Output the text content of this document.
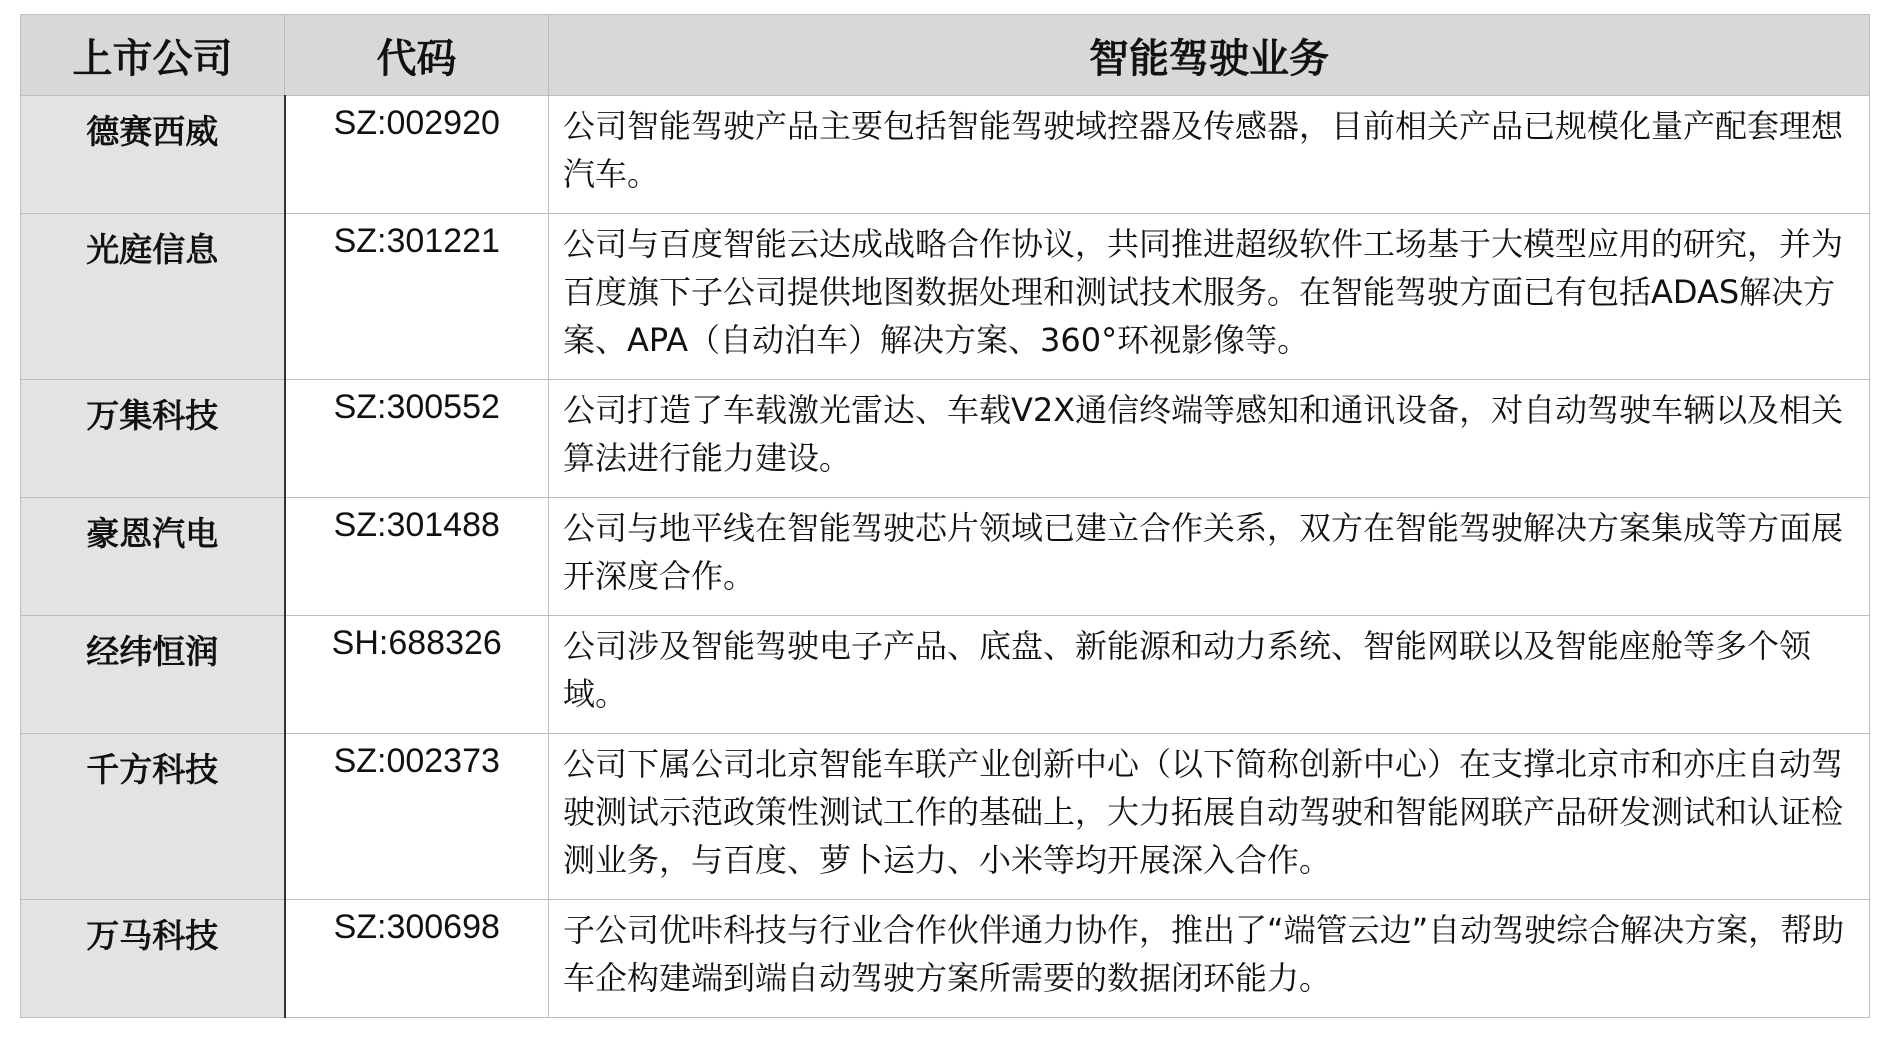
上市公司	代码	智能驾驶业务
德赛西威	SZ:002920	公司智能驾驶产品主要包括智能驾驶域控器及传感器，目前相关产品已规模化量产配套理想汽车。
光庭信息	SZ:301221	公司与百度智能云达成战略合作协议，共同推进超级软件工场基于大模型应用的研究，并为百度旗下子公司提供地图数据处理和测试技术服务。在智能驾驶方面已有包括ADAS解决方案、APA（自动泊车）解决方案、360°环视影像等。
万集科技	SZ:300552	公司打造了车载激光雷达、车载V2X通信终端等感知和通讯设备，对自动驾驶车辆以及相关算法进行能力建设。
豪恩汽电	SZ:301488	公司与地平线在智能驾驶芯片领域已建立合作关系，双方在智能驾驶解决方案集成等方面展开深度合作。
经纬恒润	SH:688326	公司涉及智能驾驶电子产品、底盘、新能源和动力系统、智能网联以及智能座舱等多个领域。
千方科技	SZ:002373	公司下属公司北京智能车联产业创新中心（以下简称创新中心）在支撑北京市和亦庄自动驾驶测试示范政策性测试工作的基础上，大力拓展自动驾驶和智能网联产品研发测试和认证检测业务，与百度、萝卜运力、小米等均开展深入合作。
万马科技	SZ:300698	子公司优咔科技与行业合作伙伴通力协作，推出了“端管云边”自动驾驶综合解决方案，帮助车企构建端到端自动驾驶方案所需要的数据闭环能力。
